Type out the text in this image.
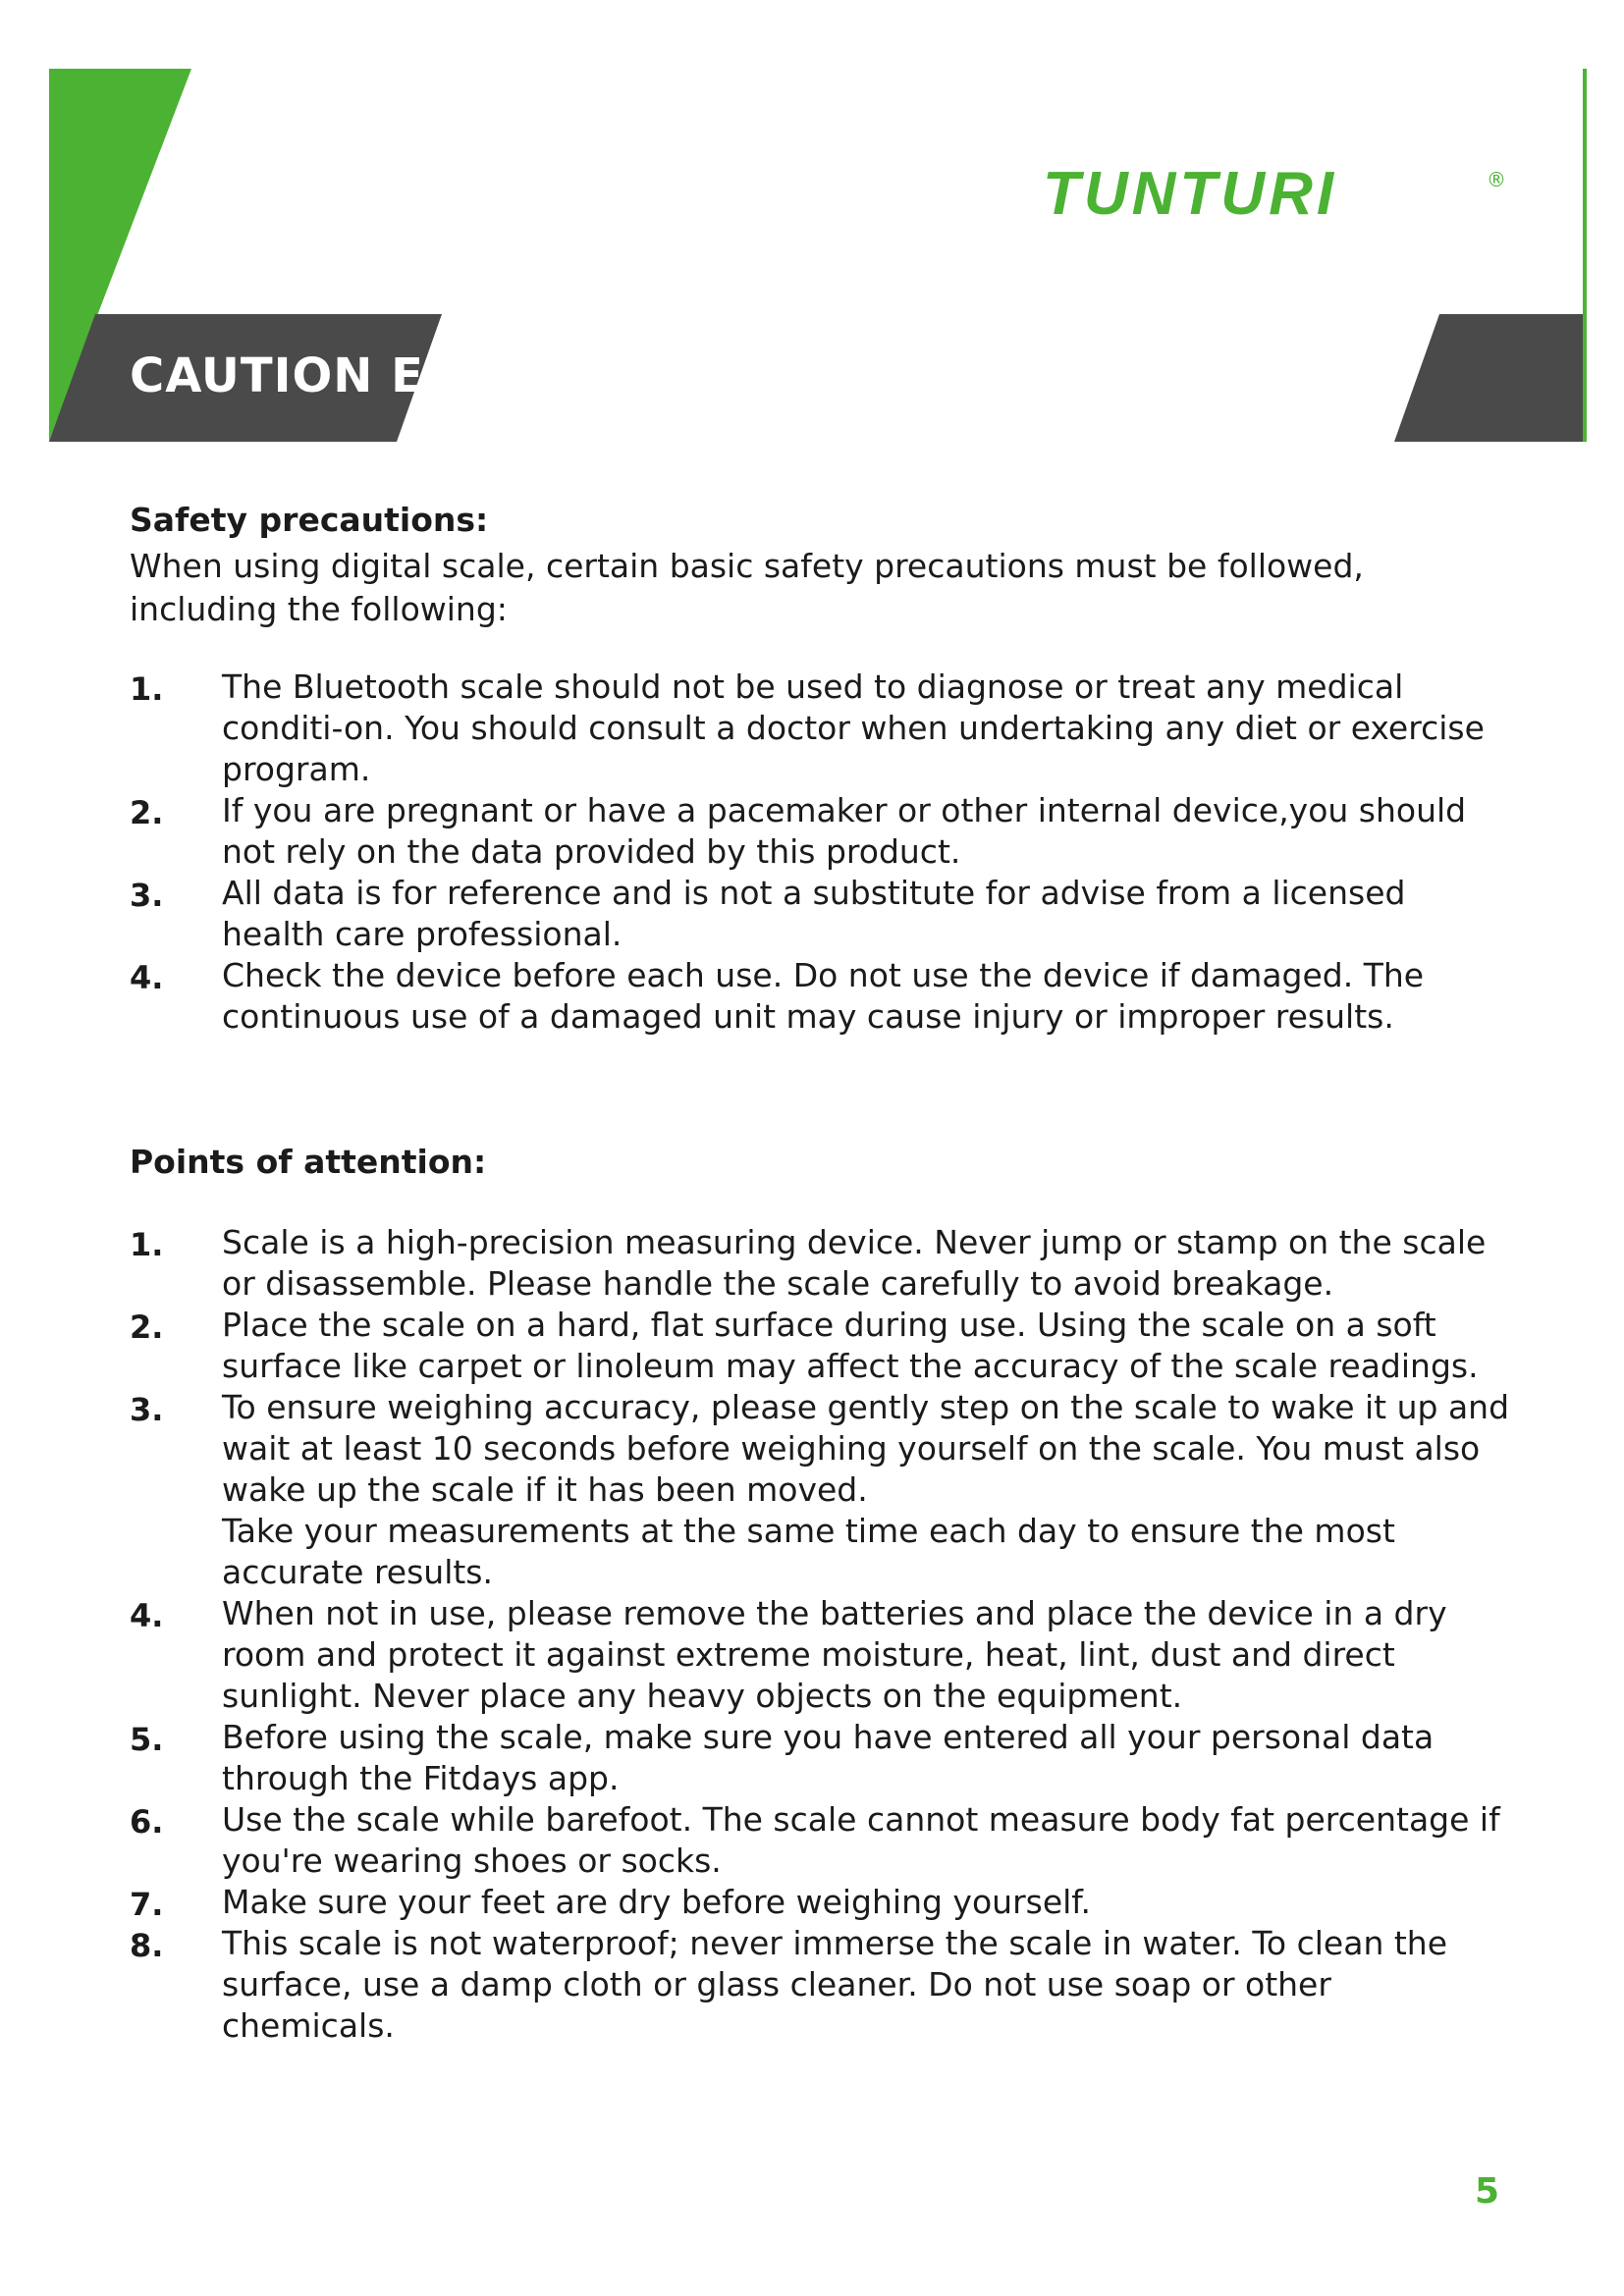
TUNTURI	®
CAUTION EN
Safety precautions:

When using digital scale, certain basic safety precautions must be followed, including the following:

1. The Bluetooth scale should not be used to diagnose or treat any medical conditi-on. You should consult a doctor when undertaking any diet or exercise program.
2. If you are pregnant or have a pacemaker or other internal device,you should not rely on the data provided by this product.
3. All data is for reference and is not a substitute for advise from a licensed health care professional.
4. Check the device before each use. Do not use the device if damaged. The continuous use of a damaged unit may cause injury or improper results.
Points of attention:
1. Scale is a high-precision measuring device. Never jump or stamp on the scale or disassemble. Please handle the scale carefully to avoid breakage.
2. Place the scale on a hard, flat surface during use. Using the scale on a soft surface like carpet or linoleum may affect the accuracy of the scale readings.
3. To ensure weighing accuracy, please gently step on the scale to wake it up and wait at least 10 seconds before weighing yourself on the scale. You must also wake up the scale if it has been moved.
Take your measurements at the same time each day to ensure the most accurate results.
4. When not in use, please remove the batteries and place the device in a dry room and protect it against extreme moisture, heat, lint, dust and direct sunlight. Never place any heavy objects on the equipment.
5. Before using the scale, make sure you have entered all your personal data through the Fitdays app.
6. Use the scale while barefoot. The scale cannot measure body fat percentage if you're wearing shoes or socks.
7. Make sure your feet are dry before weighing yourself.
8. This scale is not waterproof; never immerse the scale in water. To clean the surface, use a damp cloth or glass cleaner. Do not use soap or other chemicals.
5
